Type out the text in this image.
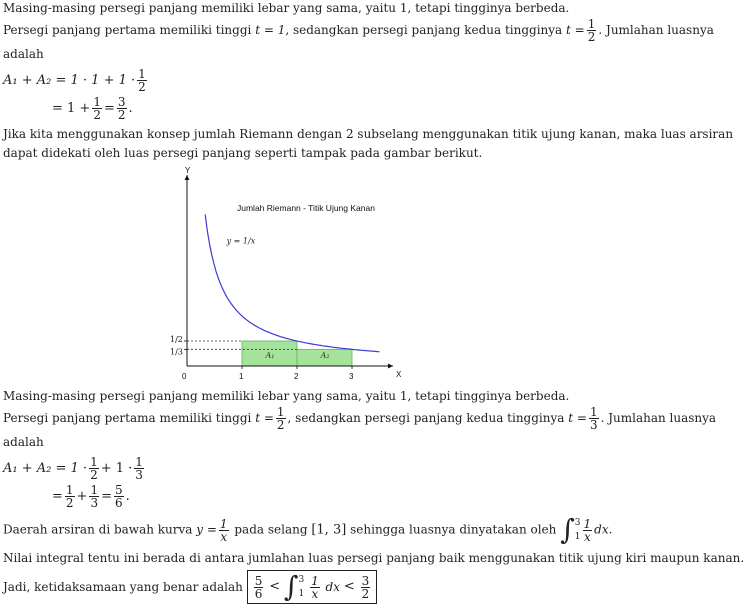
Masing-masing persegi panjang memiliki lebar yang sama, yaitu 1, tetapi tingginya berbeda.
Persegi panjang pertama memiliki tinggi t = 1, sedangkan persegi panjang kedua tingginya $t = \frac{1}{2}$ . Jumlahan luasnya
adalah
$A_1 + A_2 = 1 \cdot 1 + 1 \cdot \frac{1}{2}$
= $1 + \frac{1}{2} = \frac{3}{2}$ .
Jika kita menggunakan konsep jumlah Riemann dengan 2 subselang menggunakan titik ujung kanan, maka luas arsiran
dapat didekati oleh luas persegi panjang seperti tampak pada gambar berikut.
Jumlah Riemann - Titik Ujung Kanan
Y
X
A₁	A₂
y = 1/x
0	1	2	3
1/2
1/3
Masing-masing persegi panjang memiliki lebar yang sama, yaitu 1, tetapi tingginya berbeda.
Persegi panjang pertama memiliki tinggi $t = \frac{1}{2}$ , sedangkan persegi panjang kedua tingginya $t = \frac{1}{3}$ . Jumlahan luasnya
adalah
$A_1 + A_2 = 1 \cdot \frac{1}{2} + 1 \cdot \frac{1}{3}$
= $\frac{1}{2} + \frac{1}{3} = \frac{5}{6}$ .
Daerah arsiran di bawah kurva $y = \frac{1}{x}$ pada selang [1, 3] sehingga luasnya dinyatakan oleh ∫ 3
$1 \frac{1}{x}$ dx.
Nilai integral tentu ini berada di antara jumlahan luas persegi panjang baik menggunakan titik ujung kiri maupun kanan.
Jadi, ketidaksamaan yang benar adalah $\frac{5}{6}$ < ∫ 3
1
$\frac{1}{x}$ dx < $\frac{3}{2}$
